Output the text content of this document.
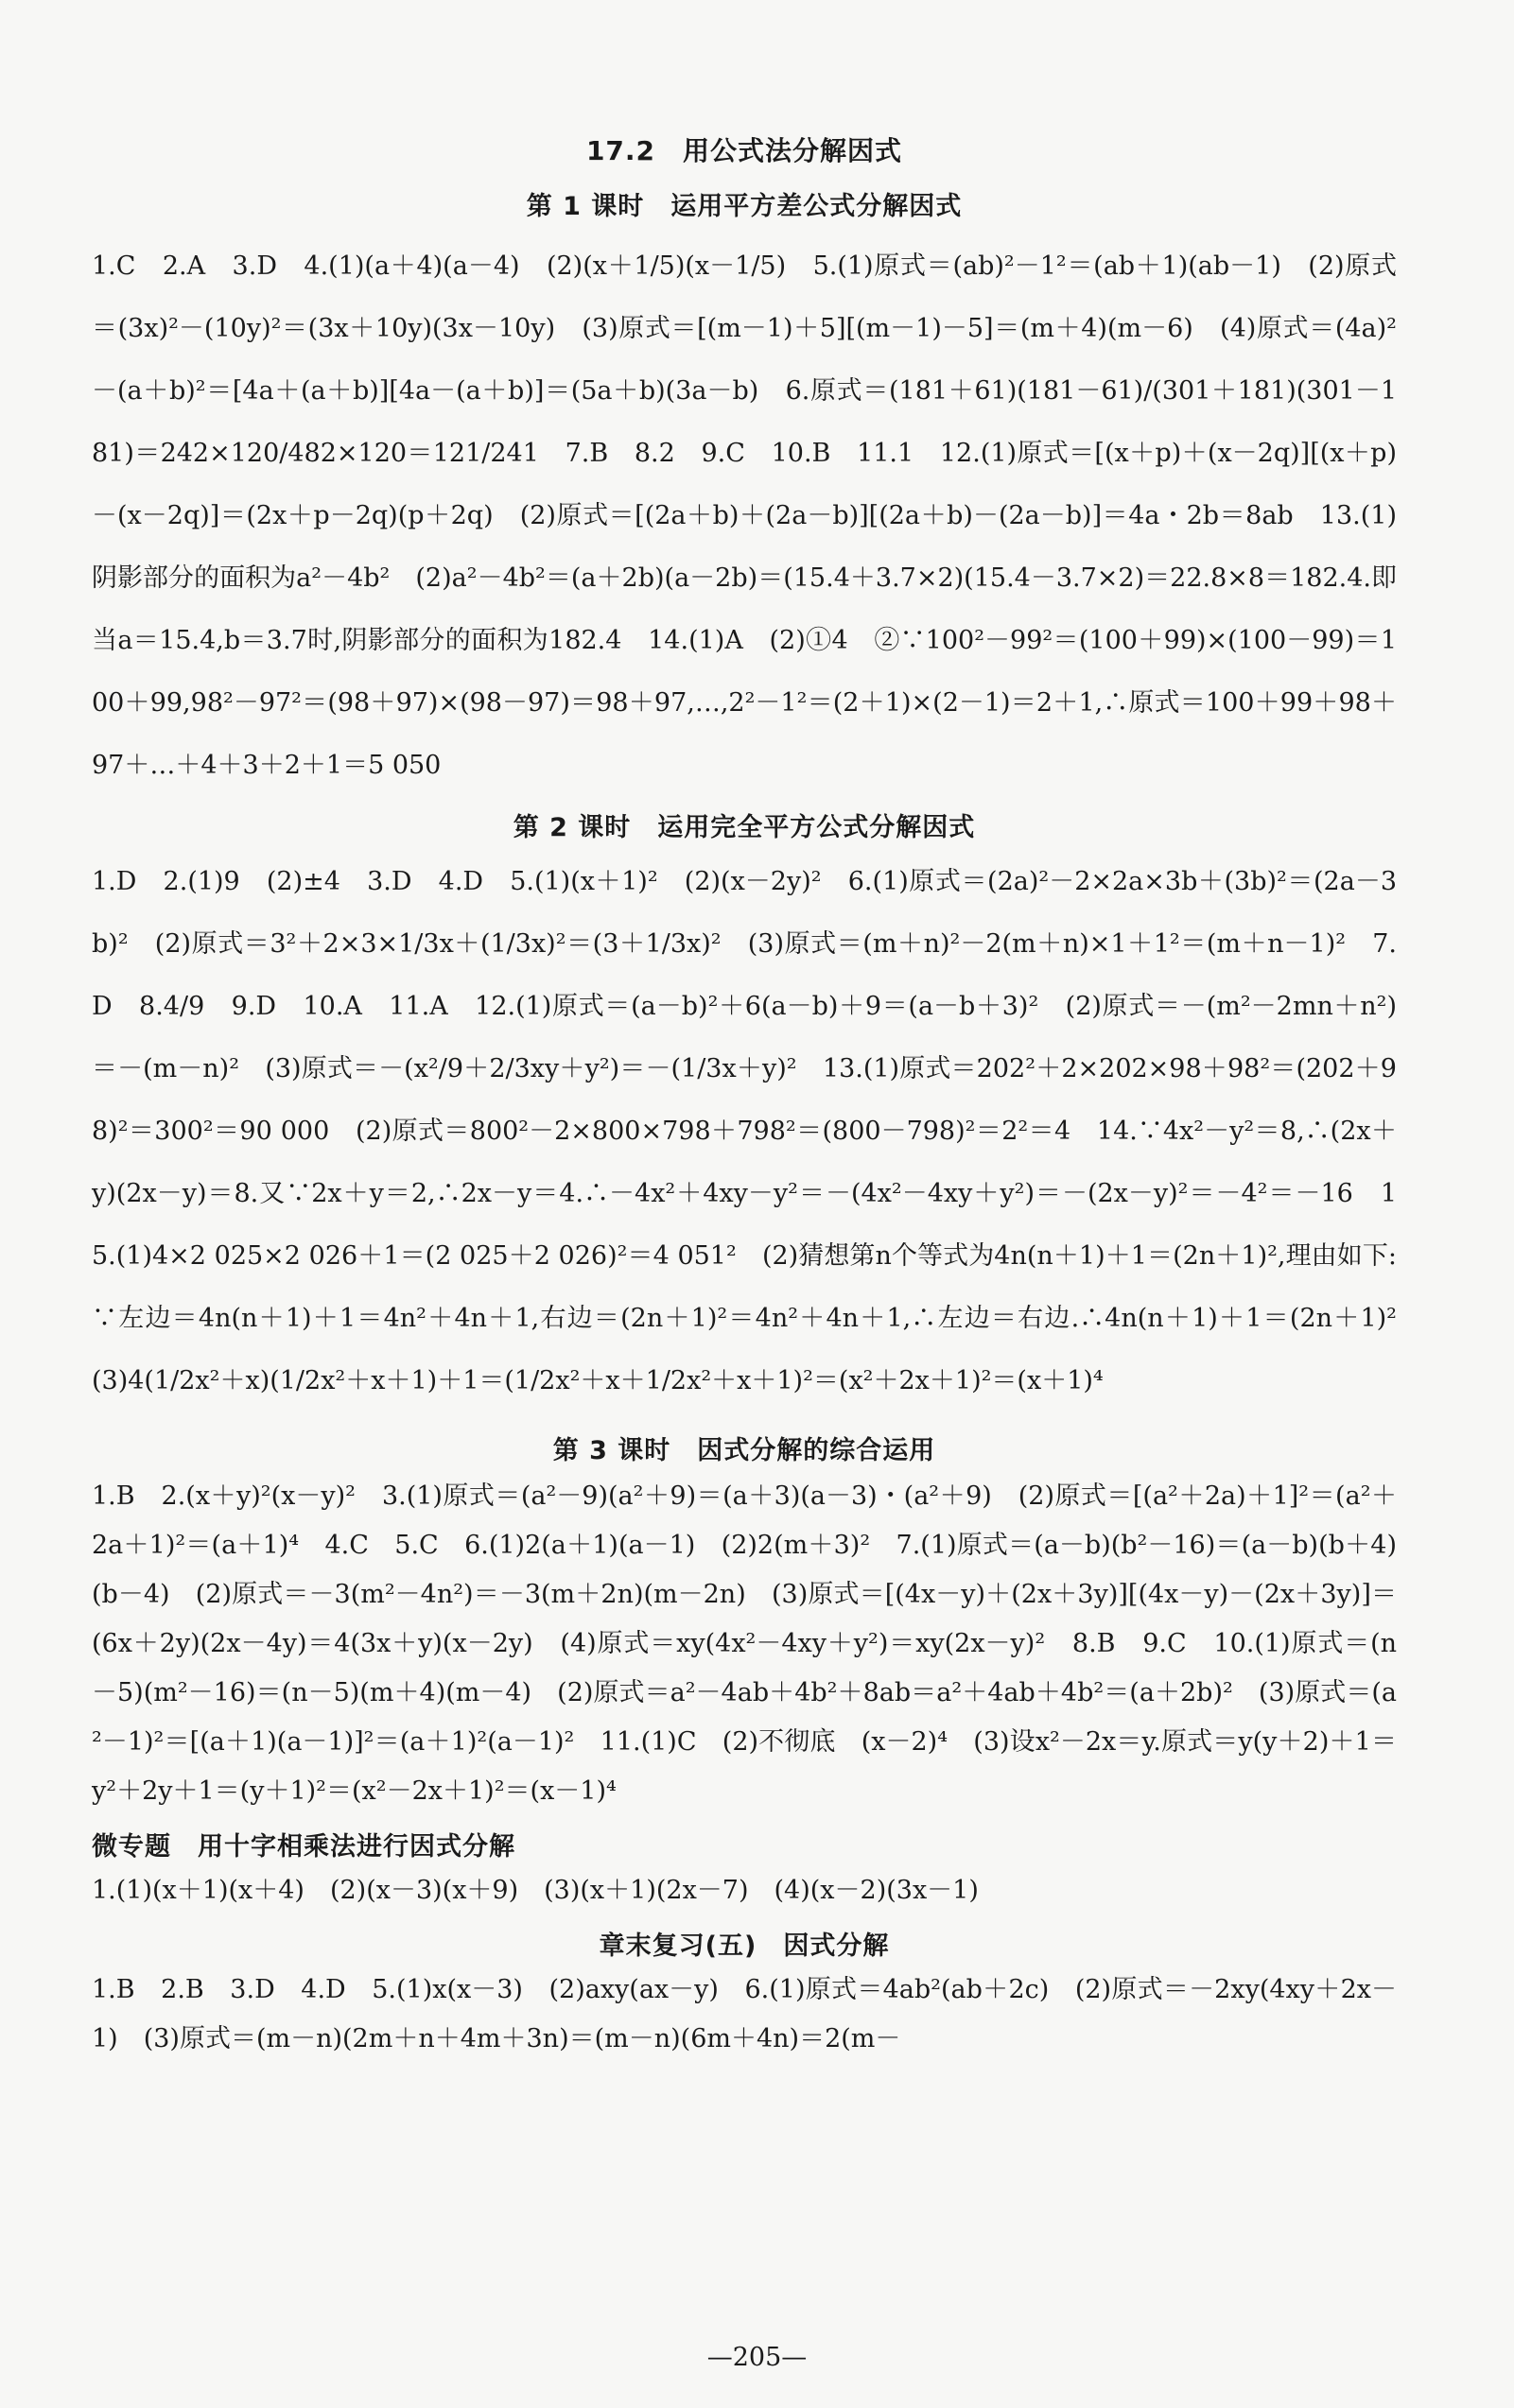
17.2　用公式法分解因式
第 1 课时　运用平方差公式分解因式

1.C　2.A　3.D　4.(1)(a＋4)(a－4)　(2)(x＋1/5)(x－1/5)　5.(1)原式＝(ab)²－1²＝(ab＋1)(ab－1)　(2)原式＝(3x)²－(10y)²＝(3x＋10y)(3x－10y)　(3)原式＝[(m－1)＋5][(m－1)－5]＝(m＋4)(m－6)　(4)原式＝(4a)²－(a＋b)²＝[4a＋(a＋b)][4a－(a＋b)]＝(5a＋b)(3a－b)　6.原式＝(181＋61)(181－61)/(301＋181)(301－181)＝242×120/482×120＝121/241　7.B　8.2　9.C　10.B　11.1　12.(1)原式＝[(x＋p)＋(x－2q)][(x＋p)－(x－2q)]＝(2x＋p－2q)(p＋2q)　(2)原式＝[(2a＋b)＋(2a－b)][(2a＋b)－(2a－b)]＝4a・2b＝8ab　13.(1)阴影部分的面积为a²－4b²　(2)a²－4b²＝(a＋2b)(a－2b)＝(15.4＋3.7×2)(15.4－3.7×2)＝22.8×8＝182.4.即当a＝15.4,b＝3.7时,阴影部分的面积为182.4　14.(1)A　(2)①4　②∵100²－99²＝(100＋99)×(100－99)＝100＋99,98²－97²＝(98＋97)×(98－97)＝98＋97,…,2²－1²＝(2＋1)×(2－1)＝2＋1,∴原式＝100＋99＋98＋97＋…＋4＋3＋2＋1＝5 050

第 2 课时　运用完全平方公式分解因式

1.D　2.(1)9　(2)±4　3.D　4.D　5.(1)(x＋1)²　(2)(x－2y)²　6.(1)原式＝(2a)²－2×2a×3b＋(3b)²＝(2a－3b)²　(2)原式＝3²＋2×3×1/3x＋(1/3x)²＝(3＋1/3x)²　(3)原式＝(m＋n)²－2(m＋n)×1＋1²＝(m＋n－1)²　7.D　8.4/9　9.D　10.A　11.A　12.(1)原式＝(a－b)²＋6(a－b)＋9＝(a－b＋3)²　(2)原式＝－(m²－2mn＋n²)＝－(m－n)²　(3)原式＝－(x²/9＋2/3xy＋y²)＝－(1/3x＋y)²　13.(1)原式＝202²＋2×202×98＋98²＝(202＋98)²＝300²＝90 000　(2)原式＝800²－2×800×798＋798²＝(800－798)²＝2²＝4　14.∵4x²－y²＝8,∴(2x＋y)(2x－y)＝8.又∵2x＋y＝2,∴2x－y＝4.∴－4x²＋4xy－y²＝－(4x²－4xy＋y²)＝－(2x－y)²＝－4²＝－16　15.(1)4×2 025×2 026＋1＝(2 025＋2 026)²＝4 051²　(2)猜想第n个等式为4n(n＋1)＋1＝(2n＋1)²,理由如下:∵左边＝4n(n＋1)＋1＝4n²＋4n＋1,右边＝(2n＋1)²＝4n²＋4n＋1,∴左边＝右边.∴4n(n＋1)＋1＝(2n＋1)²　(3)4(1/2x²＋x)(1/2x²＋x＋1)＋1＝(1/2x²＋x＋1/2x²＋x＋1)²＝(x²＋2x＋1)²＝(x＋1)⁴

第 3 课时　因式分解的综合运用

1.B　2.(x＋y)²(x－y)²　3.(1)原式＝(a²－9)(a²＋9)＝(a＋3)(a－3)・(a²＋9)　(2)原式＝[(a²＋2a)＋1]²＝(a²＋2a＋1)²＝(a＋1)⁴　4.C　5.C　6.(1)2(a＋1)(a－1)　(2)2(m＋3)²　7.(1)原式＝(a－b)(b²－16)＝(a－b)(b＋4)(b－4)　(2)原式＝－3(m²－4n²)＝－3(m＋2n)(m－2n)　(3)原式＝[(4x－y)＋(2x＋3y)][(4x－y)－(2x＋3y)]＝(6x＋2y)(2x－4y)＝4(3x＋y)(x－2y)　(4)原式＝xy(4x²－4xy＋y²)＝xy(2x－y)²　8.B　9.C　10.(1)原式＝(n－5)(m²－16)＝(n－5)(m＋4)(m－4)　(2)原式＝a²－4ab＋4b²＋8ab＝a²＋4ab＋4b²＝(a＋2b)²　(3)原式＝(a²－1)²＝[(a＋1)(a－1)]²＝(a＋1)²(a－1)²　11.(1)C　(2)不彻底　(x－2)⁴　(3)设x²－2x＝y.原式＝y(y＋2)＋1＝y²＋2y＋1＝(y＋1)²＝(x²－2x＋1)²＝(x－1)⁴

微专题　用十字相乘法进行因式分解

1.(1)(x＋1)(x＋4)　(2)(x－3)(x＋9)　(3)(x＋1)(2x－7)　(4)(x－2)(3x－1)

章末复习(五)　因式分解

1.B　2.B　3.D　4.D　5.(1)x(x－3)　(2)axy(ax－y)　6.(1)原式＝4ab²(ab＋2c)　(2)原式＝－2xy(4xy＋2x－1)　(3)原式＝(m－n)(2m＋n＋4m＋3n)＝(m－n)(6m＋4n)＝2(m－

—205—
